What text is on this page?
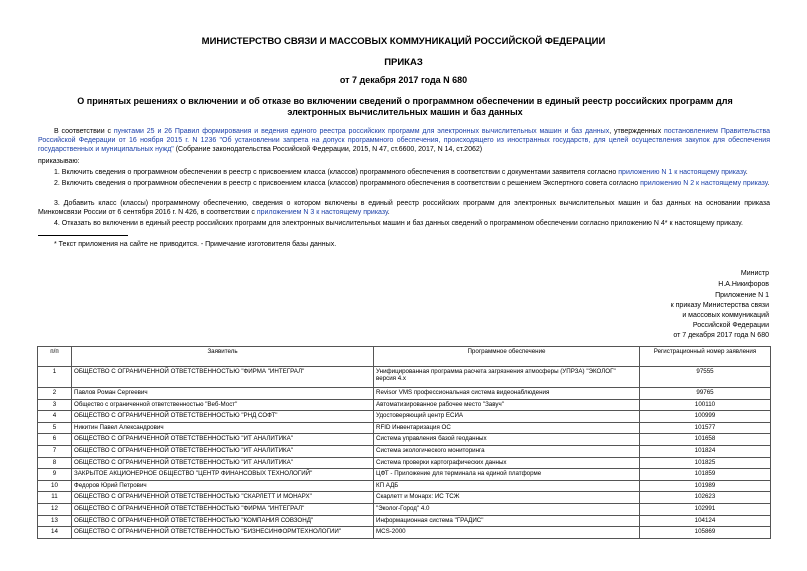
МИНИСТЕРСТВО СВЯЗИ И МАССОВЫХ КОММУНИКАЦИЙ РОССИЙСКОЙ ФЕДЕРАЦИИ
ПРИКАЗ
от 7 декабря 2017 года N 680
О принятых решениях о включении и об отказе во включении сведений о программном обеспечении в единый реестр российских программ для электронных вычислительных машин и баз данных
В соответствии с пунктами 25 и 26 Правил формирования и ведения единого реестра российских программ для электронных вычислительных машин и баз данных, утвержденных постановлением Правительства Российской Федерации от 16 ноября 2015 г. N 1236 "Об установлении запрета на допуск программного обеспечения, происходящего из иностранных государств, для целей осуществления закупок для обеспечения государственных и муниципальных нужд" (Собрание законодательства Российской Федерации, 2015, N 47, ст.6600, 2017, N 14, ст.2062)
приказываю:
1. Включить сведения о программном обеспечении в реестр с присвоением класса (классов) программного обеспечения в соответствии с документами заявителя согласно приложению N 1 к настоящему приказу.
2. Включить сведения о программном обеспечении в реестр с присвоением класса (классов) программного обеспечения в соответствии с решением Экспертного совета согласно приложению N 2 к настоящему приказу.
3. Добавить класс (классы) программному обеспечению, сведения о котором включены в единый реестр российских программ для электронных вычислительных машин и баз данных на основании приказа Минкомсвязи России от 6 сентября 2016 г. N 426, в соответствии с приложением N 3 к настоящему приказу.
4. Отказать во включении в единый реестр российских программ для электронных вычислительных машин и баз данных сведений о программном обеспечении согласно приложению N 4* к настоящему приказу.
* Текст приложения на сайте не приводится. - Примечание изготовителя базы данных.
Министр
Н.А.Никифоров
Приложение N 1
к приказу Министерства связи
и массовых коммуникаций
Российской Федерации
от 7 декабря 2017 года N 680
п/п	Заявитель	Программное обеспечение	Регистрационный номер заявления
1	ОБЩЕСТВО С ОГРАНИЧЕННОЙ ОТВЕТСТВЕННОСТЬЮ "ФИРМА "ИНТЕГРАЛ"	Унифицированная программа расчета загрязнения атмосферы (УПРЗА) "ЭКОЛОГ" версия 4.x	97555
2	Павлов Роман Сергеевич	Revisor VMS профессиональная система видеонаблюдения	99765
3	Общество с ограниченной ответственностью "Веб-Мост"	Автоматизированное рабочее место "Завуч"	100110
4	ОБЩЕСТВО С ОГРАНИЧЕННОЙ ОТВЕТСТВЕННОСТЬЮ "РНД СОФТ"	Удостоверяющий центр ЕСИА	100999
5	Никитин Павел Александрович	RFID Инвентаризация ОС	101577
6	ОБЩЕСТВО С ОГРАНИЧЕННОЙ ОТВЕТСТВЕННОСТЬЮ "ИТ АНАЛИТИКА"	Система управления базой геоданных	101658
7	ОБЩЕСТВО С ОГРАНИЧЕННОЙ ОТВЕТСТВЕННОСТЬЮ "ИТ АНАЛИТИКА"	Система экологического мониторинга	101824
8	ОБЩЕСТВО С ОГРАНИЧЕННОЙ ОТВЕТСТВЕННОСТЬЮ "ИТ АНАЛИТИКА"	Система проверки картографических данных	101825
9	ЗАКРЫТОЕ АКЦИОНЕРНОЕ ОБЩЕСТВО "ЦЕНТР ФИНАНСОВЫХ ТЕХНОЛОГИЙ"	ЦФТ - Приложение для терминала на единой платформе	101859
10	Федоров Юрий Петрович	КП АДБ	101989
11	ОБЩЕСТВО С ОГРАНИЧЕННОЙ ОТВЕТСТВЕННОСТЬЮ "СКАРЛЕТТ И МОНАРХ"	Скарлетт и Монарх: ИС ТСЖ	102623
12	ОБЩЕСТВО С ОГРАНИЧЕННОЙ ОТВЕТСТВЕННОСТЬЮ "ФИРМА "ИНТЕГРАЛ"	"Эколог-Город" 4.0	102991
13	ОБЩЕСТВО С ОГРАНИЧЕННОЙ ОТВЕТСТВЕННОСТЬЮ "КОМПАНИЯ СОВЗОНД"	Информационная система "ГРАДИС"	104124
14	ОБЩЕСТВО С ОГРАНИЧЕННОЙ ОТВЕТСТВЕННОСТЬЮ "БИЗНЕСИНФОРМТЕХНОЛОГИИ"	MCS-2000	105869
